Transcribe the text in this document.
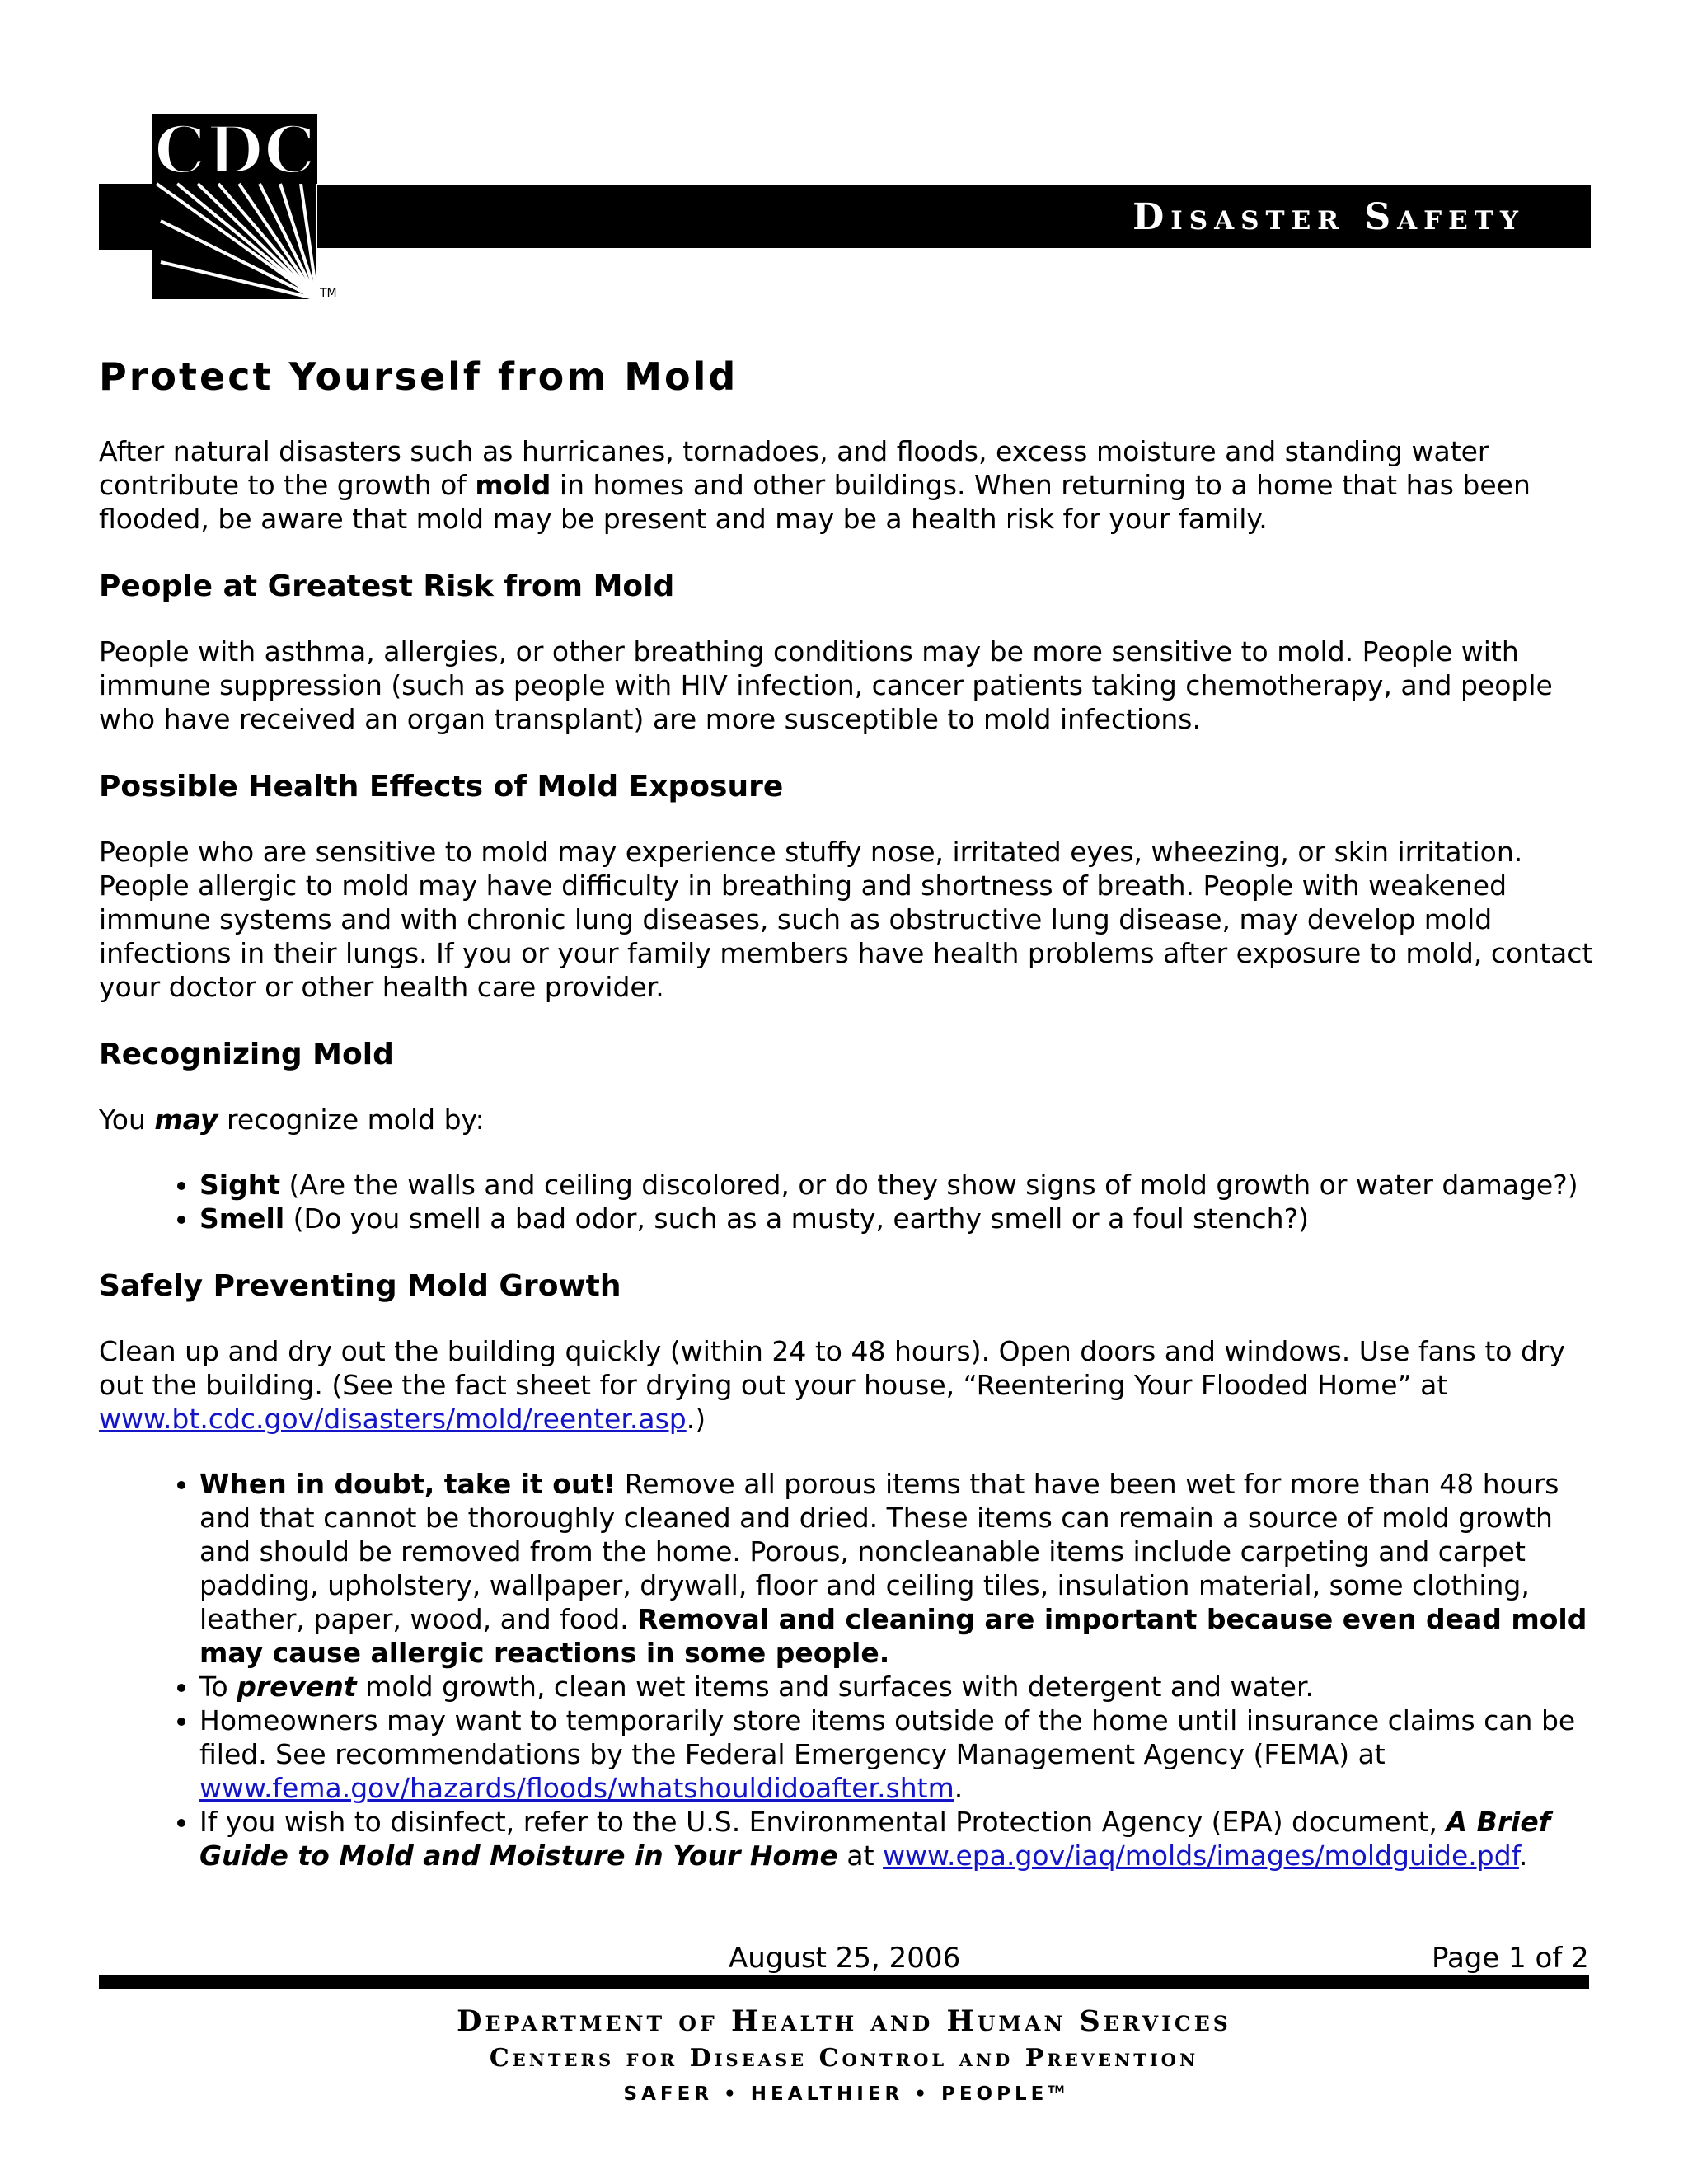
CDC
TM
Disaster Safety
Protect Yourself from Mold

After natural disasters such as hurricanes, tornadoes, and floods, excess moisture and standing water contribute to the growth of mold in homes and other buildings. When returning to a home that has been flooded, be aware that mold may be present and may be a health risk for your family.

People at Greatest Risk from Mold

People with asthma, allergies, or other breathing conditions may be more sensitive to mold. People with immune suppression (such as people with HIV infection, cancer patients taking chemotherapy, and people who have received an organ transplant) are more susceptible to mold infections.

Possible Health Effects of Mold Exposure

People who are sensitive to mold may experience stuffy nose, irritated eyes, wheezing, or skin irritation. People allergic to mold may have difficulty in breathing and shortness of breath. People with weakened immune systems and with chronic lung diseases, such as obstructive lung disease, may develop mold infections in their lungs. If you or your family members have health problems after exposure to mold, contact your doctor or other health care provider.

Recognizing Mold

You may recognize mold by:

• Sight (Are the walls and ceiling discolored, or do they show signs of mold growth or water damage?)
• Smell (Do you smell a bad odor, such as a musty, earthy smell or a foul stench?)
Safely Preventing Mold Growth

Clean up and dry out the building quickly (within 24 to 48 hours). Open doors and windows. Use fans to dry out the building. (See the fact sheet for drying out your house, “Reentering Your Flooded Home” at www.bt.cdc.gov/disasters/mold/reenter.asp.)

• When in doubt, take it out! Remove all porous items that have been wet for more than 48 hours and that cannot be thoroughly cleaned and dried. These items can remain a source of mold growth and should be removed from the home. Porous, noncleanable items include carpeting and carpet padding, upholstery, wallpaper, drywall, floor and ceiling tiles, insulation material, some clothing, leather, paper, wood, and food. Removal and cleaning are important because even dead mold may cause allergic reactions in some people.
• To prevent mold growth, clean wet items and surfaces with detergent and water.
• Homeowners may want to temporarily store items outside of the home until insurance claims can be filed. See recommendations by the Federal Emergency Management Agency (FEMA) at www.fema.gov/hazards/floods/whatshouldidoafter.shtm.
• If you wish to disinfect, refer to the U.S. Environmental Protection Agency (EPA) document, A Brief Guide to Mold and Moisture in Your Home at www.epa.gov/iaq/molds/images/moldguide.pdf.
August 25, 2006	Page 1 of 2
Department of Health and Human Services
Centers for Disease Control and Prevention
SAFER • HEALTHIER • PEOPLE™
